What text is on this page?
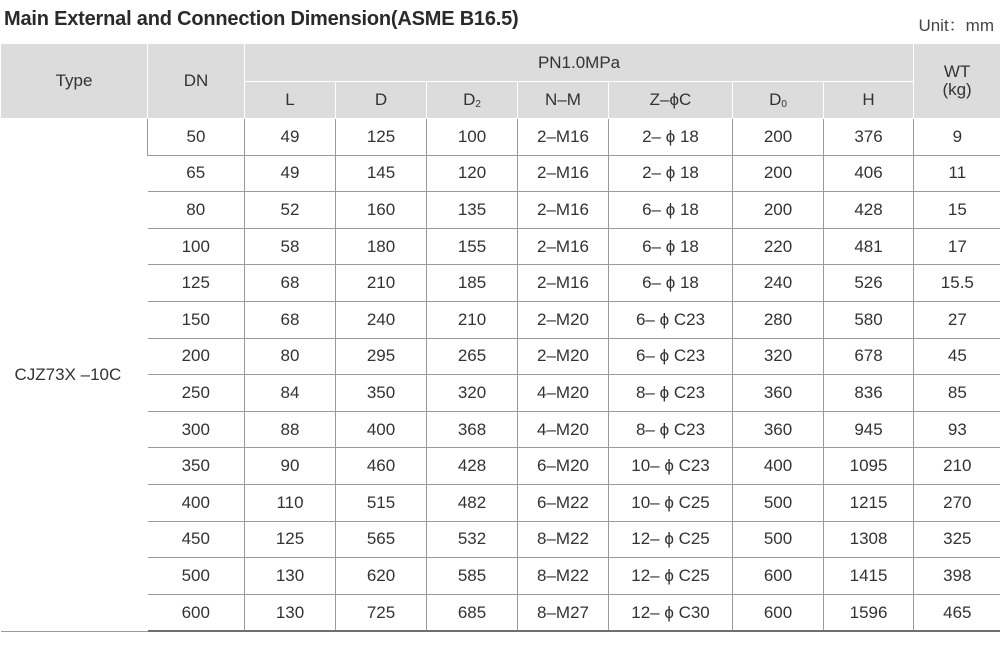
Main External and Connection Dimension(ASME B16.5)	Unit：mm
Type	DN	PN1.0MPa							WT
(kg)
		L	D	$D_2$	N–M	Z–ϕC	$D_0$	H	
CJZ73X –10C	50	49	125	100	2–M16	2– ϕ 18	200	376	9
	65	49	145	120	2–M16	2– ϕ 18	200	406	11
	80	52	160	135	2–M16	6– ϕ 18	200	428	15
	100	58	180	155	2–M16	6– ϕ 18	220	481	17
	125	68	210	185	2–M16	6– ϕ 18	240	526	15.5
	150	68	240	210	2–M20	6– ϕ C23	280	580	27
	200	80	295	265	2–M20	6– ϕ C23	320	678	45
	250	84	350	320	4–M20	8– ϕ C23	360	836	85
	300	88	400	368	4–M20	8– ϕ C23	360	945	93
	350	90	460	428	6–M20	10– ϕ C23	400	1095	210
	400	110	515	482	6–M22	10– ϕ C25	500	1215	270
	450	125	565	532	8–M22	12– ϕ C25	500	1308	325
	500	130	620	585	8–M22	12– ϕ C25	600	1415	398
	600	130	725	685	8–M27	12– ϕ C30	600	1596	465
